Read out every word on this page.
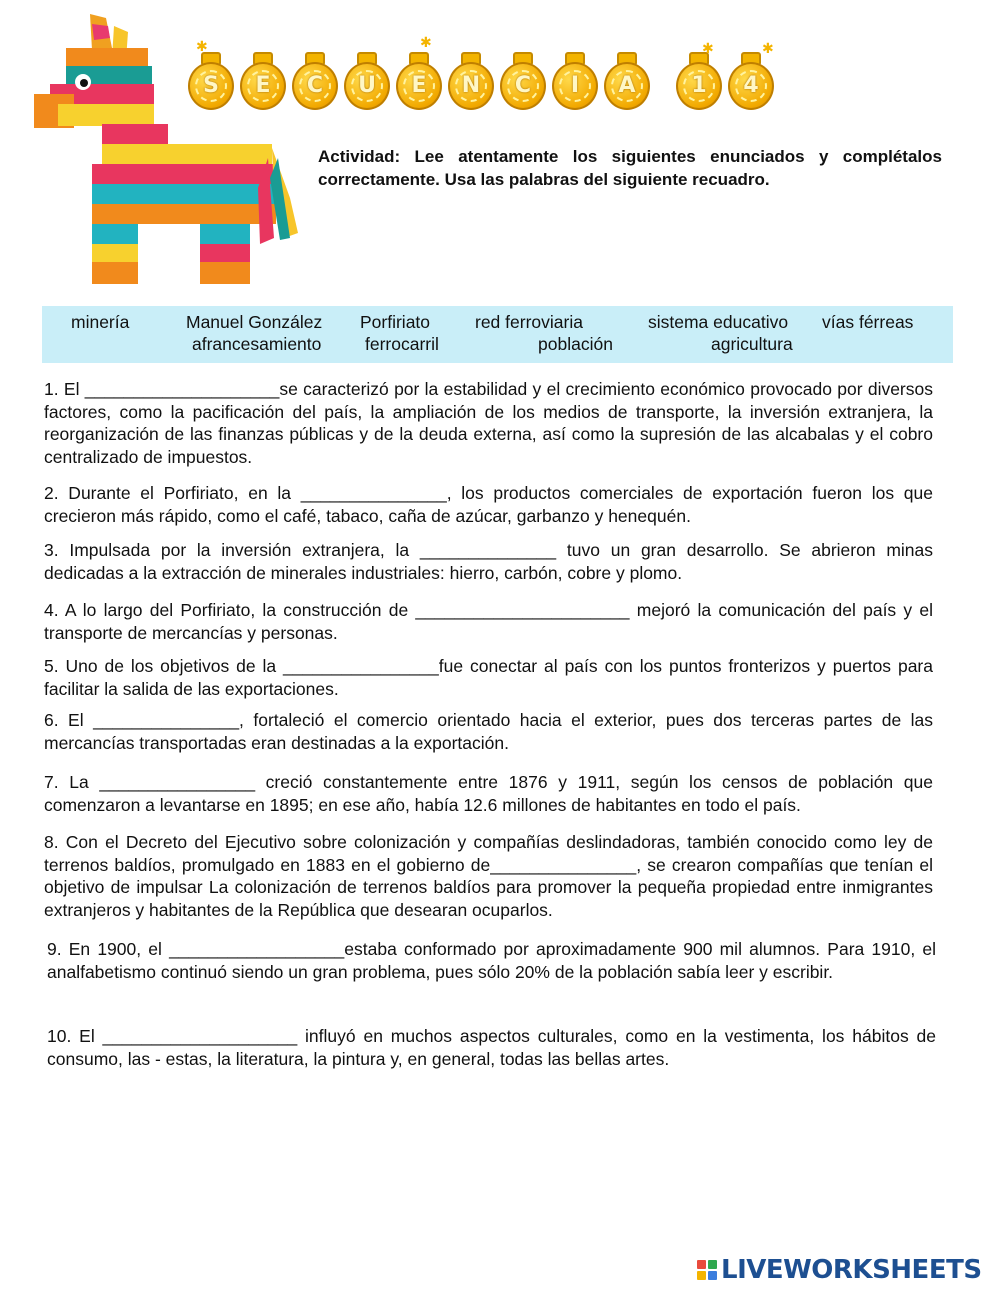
S	E	C	U	E	N	C	I	A	1	4
✱	✱	✱	✱
Actividad: Lee atentamente los siguientes enunciados y complétalos correctamente. Usa las palabras del siguiente recuadro.
minería	Manuel González Porfiriato	red ferroviaria	sistema educativo vías férreas
afrancesamiento ferrocarril	población	agricultura
1. El ____________________se caracterizó por la estabilidad y el crecimiento económico provocado por diversos factores, como la pacificación del país, la ampliación de los medios de transporte, la inversión extranjera, la reorganización de las finanzas públicas y de la deuda externa, así como la supresión de las alcabalas y el cobro centralizado de impuestos.
2. Durante el Porfiriato, en la _______________, los productos comerciales de exportación fueron los que crecieron más rápido, como el café, tabaco, caña de azúcar, garbanzo y henequén.
3. Impulsada por la inversión extranjera, la ______________ tuvo un gran desarrollo. Se abrieron minas dedicadas a la extracción de minerales industriales: hierro, carbón, cobre y plomo.
4. A lo largo del Porfiriato, la construcción de ______________________ mejoró la comunicación del país y el transporte de mercancías y personas.
5. Uno de los objetivos de la ________________fue conectar al país con los puntos fronterizos y puertos para facilitar la salida de las exportaciones.
6. El _______________, fortaleció el comercio orientado hacia el exterior, pues dos terceras partes de las mercancías transportadas eran destinadas a la exportación.
7. La ________________ creció constantemente entre 1876 y 1911, según los censos de población que comenzaron a levantarse en 1895; en ese año, había 12.6 millones de habitantes en todo el país.
8. Con el Decreto del Ejecutivo sobre colonización y compañías deslindadoras, también conocido como ley de terrenos baldíos, promulgado en 1883 en el gobierno de_______________, se crearon compañías que tenían el objetivo de impulsar La colonización de terrenos baldíos para promover la pequeña propiedad entre inmigrantes extranjeros y habitantes de la República que desearan ocuparlos.
9. En 1900, el __________________estaba conformado por aproximadamente 900 mil alumnos. Para 1910, el analfabetismo continuó siendo un gran problema, pues sólo 20% de la población sabía leer y escribir.
10. El ____________________ influyó en muchos aspectos culturales, como en la vestimenta, los hábitos de consumo, las - estas, la literatura, la pintura y, en general, todas las bellas artes.
LIVEWORKSHEETS
